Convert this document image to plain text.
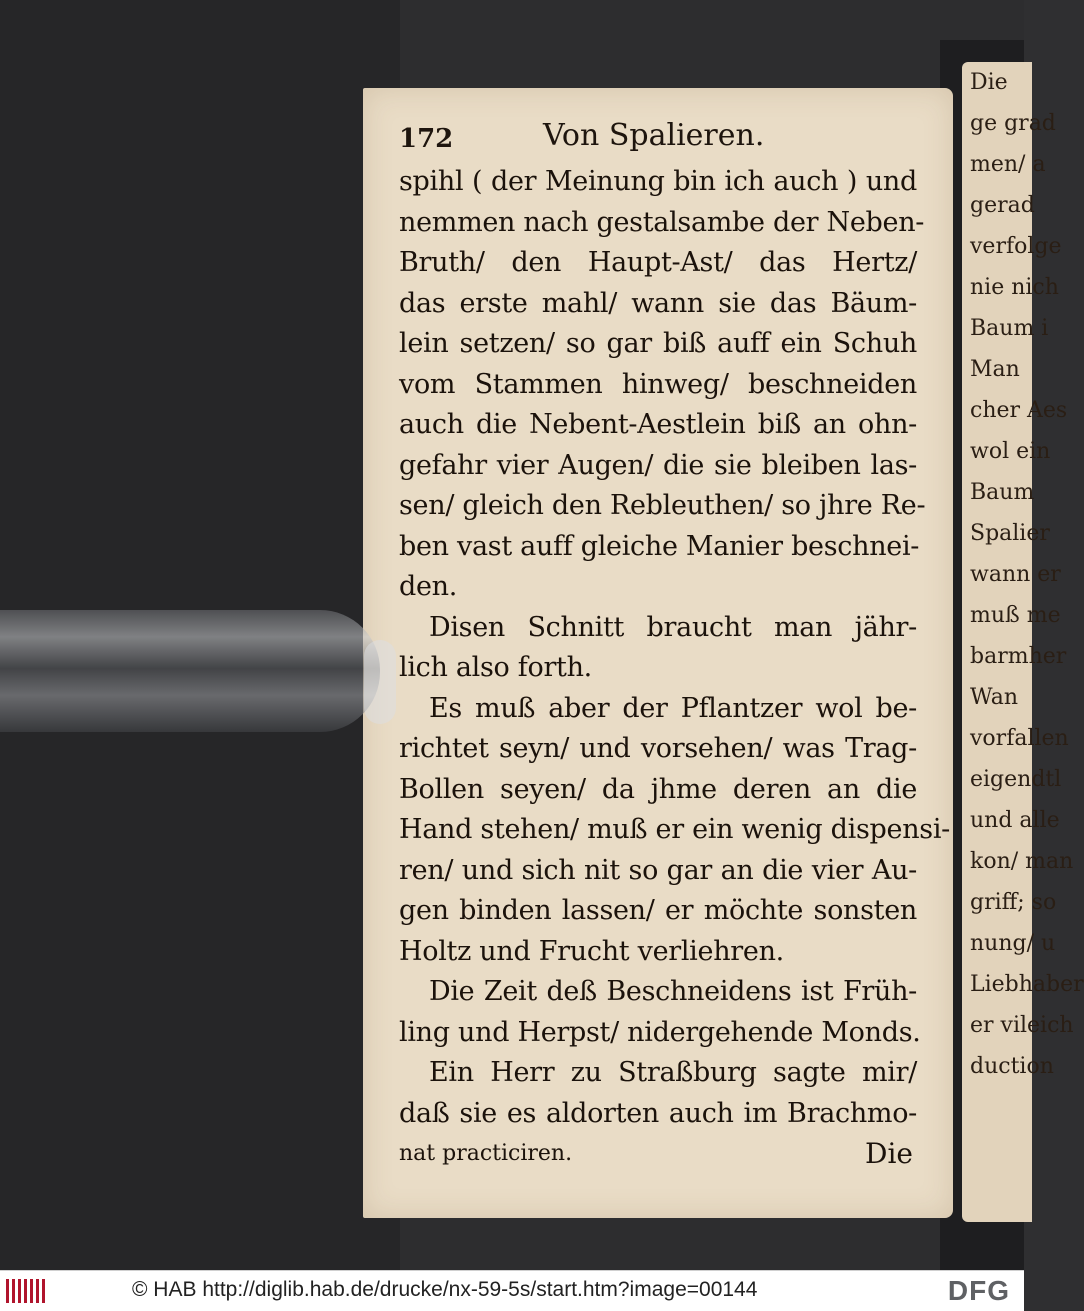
Die
ge grad
men/ a
gerad
verfolge
nie nich
Baum i
Man
cher Aes
wol ein
Baum
Spalier
wann er
muß me
barmher
Wan
vorfallen
eigendtl
und alle
kon/ man
griff; so
nung/ u
Liebhaber
er vileich
duction
172	Von Spalieren.
spihl ( der Meinung bin ich auch ) und
nemmen nach gestalsambe der Neben-
Bruth/ den Haupt-Ast/ das Hertz/
das erste mahl/ wann sie das Bäum-
lein setzen/ so gar biß auff ein Schuh
vom Stammen hinweg/ beschneiden
auch die Nebent-Aestlein biß an ohn-
gefahr vier Augen/ die sie bleiben las-
sen/ gleich den Rebleuthen/ so jhre Re-
ben vast auff gleiche Manier beschnei-
den.
Disen Schnitt braucht man jähr-
lich also forth.
Es muß aber der Pflantzer wol be-
richtet seyn/ und vorsehen/ was Trag-
Bollen seyen/ da jhme deren an die
Hand stehen/ muß er ein wenig dispensi-
ren/ und sich nit so gar an die vier Au-
gen binden lassen/ er möchte sonsten
Holtz und Frucht verliehren.
Die Zeit deß Beschneidens ist Früh-
ling und Herpst/ nidergehende Monds.
Ein Herr zu Straßburg sagte mir/
daß sie es aldorten auch im Brachmo-
nat practiciren.	Die
© HAB http://diglib.hab.de/drucke/nx-59-5s/start.htm?image=00144	DFG
